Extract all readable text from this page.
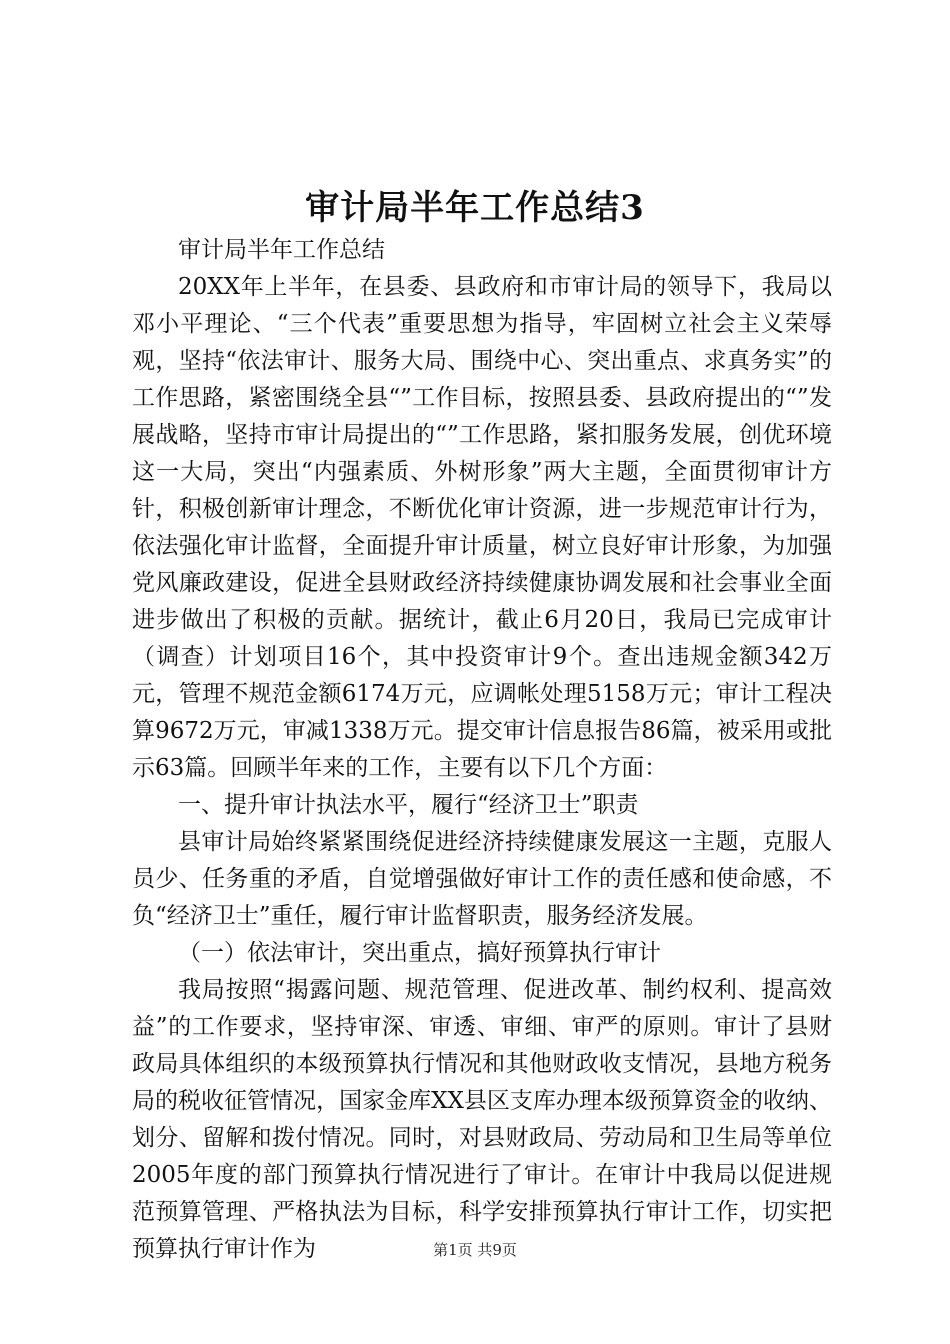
审计局半年工作总结3

审计局半年工作总结

20XX年上半年，在县委、县政府和市审计局的领导下，我局以邓小平理论、“三个代表”重要思想为指导，牢固树立社会主义荣辱观，坚持“依法审计、服务大局、围绕中心、突出重点、求真务实”的工作思路，紧密围绕全县“”工作目标，按照县委、县政府提出的“”发展战略，坚持市审计局提出的“”工作思路，紧扣服务发展，创优环境这一大局，突出“内强素质、外树形象”两大主题，全面贯彻审计方针，积极创新审计理念，不断优化审计资源，进一步规范审计行为，依法强化审计监督，全面提升审计质量，树立良好审计形象，为加强党风廉政建设，促进全县财政经济持续健康协调发展和社会事业全面进步做出了积极的贡献。据统计，截止6月20日，我局已完成审计（调查）计划项目16个，其中投资审计9个。查出违规金额342万元，管理不规范金额6174万元，应调帐处理5158万元；审计工程决算9672万元，审减1338万元。提交审计信息报告86篇，被采用或批示63篇。回顾半年来的工作，主要有以下几个方面：

一、提升审计执法水平，履行“经济卫士”职责

县审计局始终紧紧围绕促进经济持续健康发展这一主题，克服人员少、任务重的矛盾，自觉增强做好审计工作的责任感和使命感，不负“经济卫士”重任，履行审计监督职责，服务经济发展。

（一）依法审计，突出重点，搞好预算执行审计

我局按照“揭露问题、规范管理、促进改革、制约权利、提高效益”的工作要求，坚持审深、审透、审细、审严的原则。审计了县财政局具体组织的本级预算执行情况和其他财政收支情况，县地方税务局的税收征管情况，国家金库XX县区支库办理本级预算资金的收纳、划分、留解和拨付情况。同时，对县财政局、劳动局和卫生局等单位2005年度的部门预算执行情况进行了审计。在审计中我局以促进规范预算管理、严格执法为目标，科学安排预算执行审计工作，切实把预算执行审计作为	第1页 共9页
